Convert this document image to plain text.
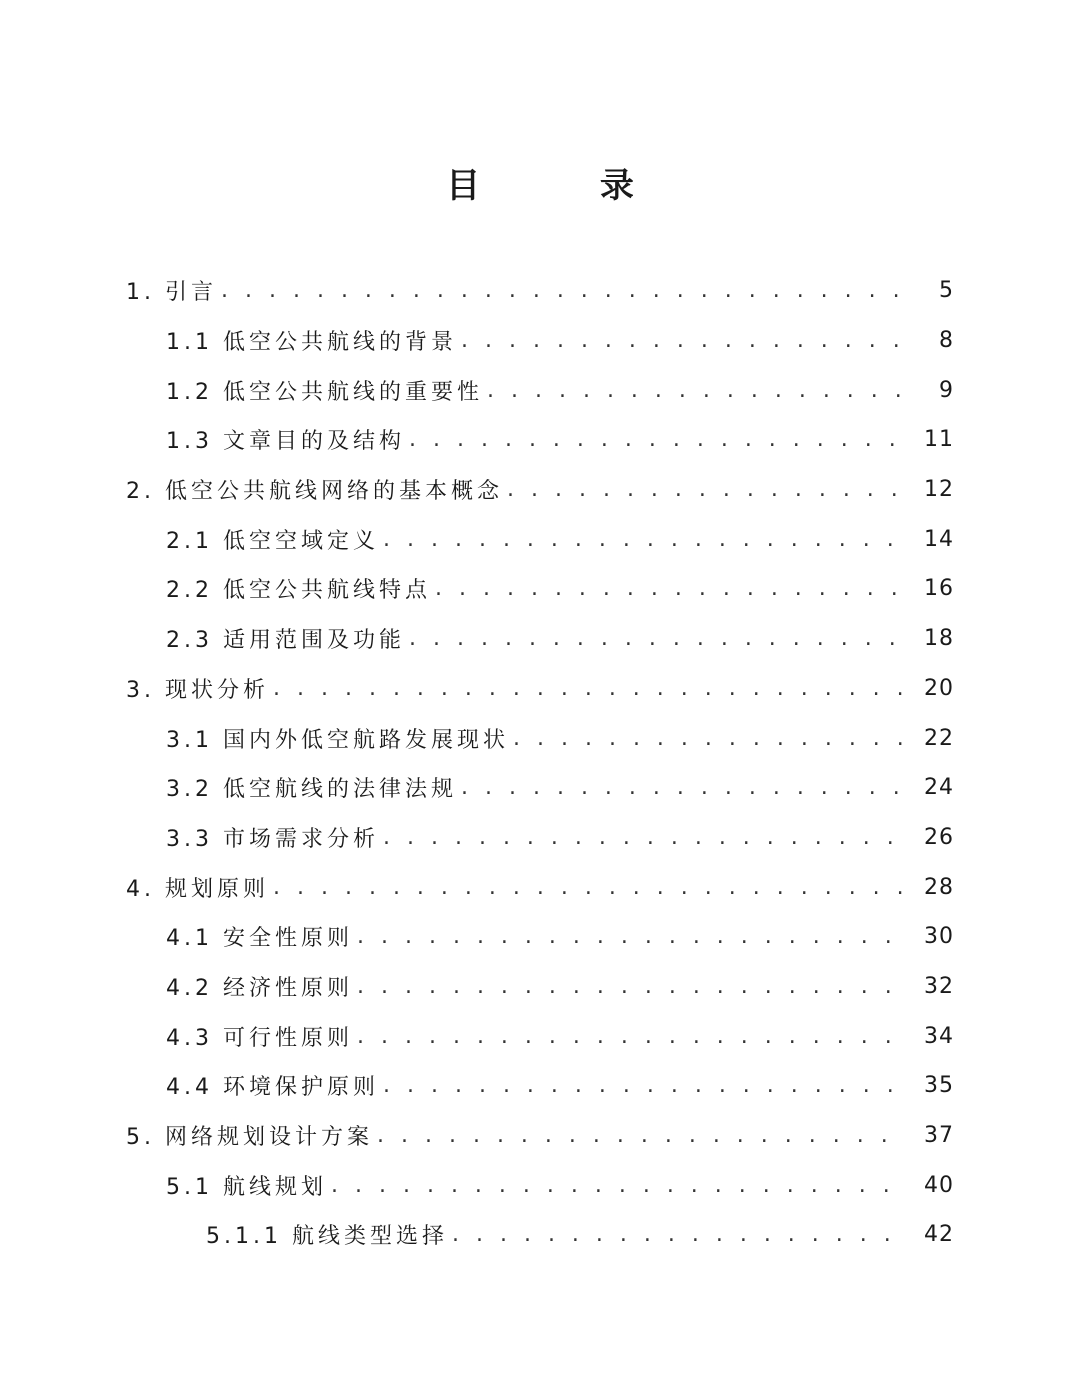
目 录
1. 引言 . . .	5
1.1 低空公共航线的背景 . . .	8
1.2 低空公共航线的重要性 . . .	9
1.3 文章目的及结构 . . .	11
2. 低空公共航线网络的基本概念 . . .	12
2.1 低空空域定义 . . .	14
2.2 低空公共航线特点 . . .	16
2.3 适用范围及功能 . . .	18
3. 现状分析 . . .	20
3.1 国内外低空航路发展现状 . . .	22
3.2 低空航线的法律法规 . . .	24
3.3 市场需求分析 . . .	26
4. 规划原则 . . .	28
4.1 安全性原则 . . .	30
4.2 经济性原则 . . .	32
4.3 可行性原则 . . .	34
4.4 环境保护原则 . . .	35
5. 网络规划设计方案 . . .	37
5.1 航线规划 . . .	40
5.1.1 航线类型选择 . . .	42
